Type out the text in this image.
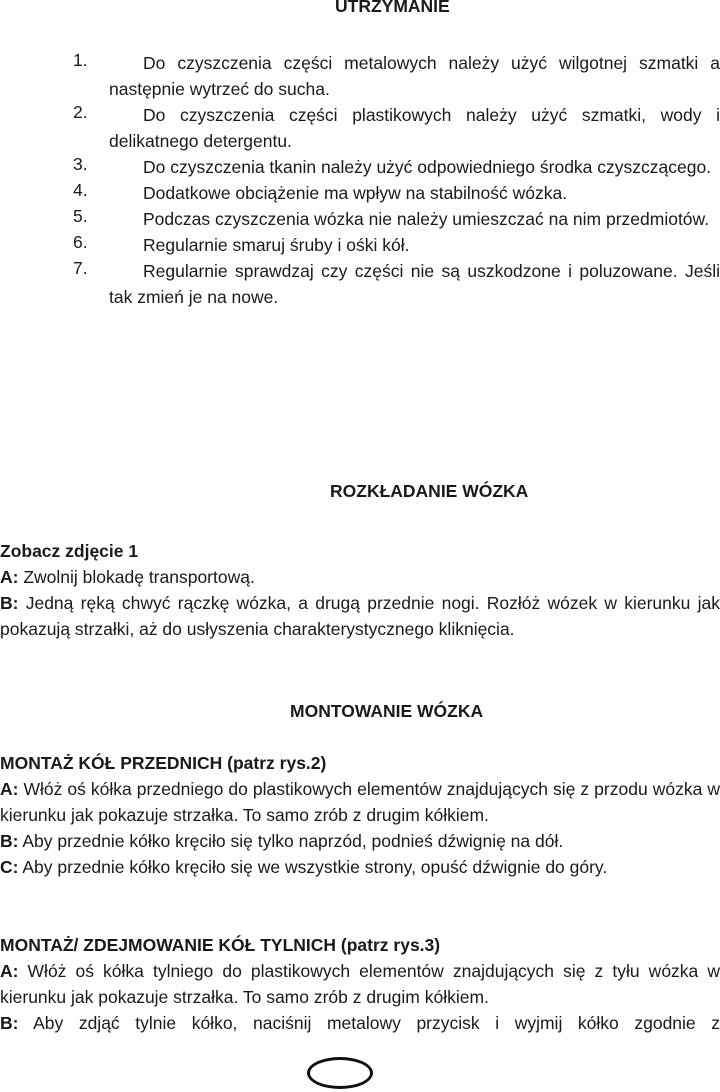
UTRZYMANIE
1.	Do czyszczenia części metalowych należy użyć wilgotnej szmatki a następnie wytrzeć do sucha.
2.	Do czyszczenia części plastikowych należy użyć szmatki, wody i delikatnego detergentu.
3.	Do czyszczenia tkanin należy użyć odpowiedniego środka czyszczącego.
4.	Dodatkowe obciążenie ma wpływ na stabilność wózka.
5.	Podczas czyszczenia wózka nie należy umieszczać na nim przedmiotów.
6.	Regularnie smaruj śruby i ośki kół.
7.	Regularnie sprawdzaj czy części nie są uszkodzone i poluzowane. Jeśli tak zmień je na nowe.
ROZKŁADANIE WÓZKA

Zobacz zdjęcie 1

A: Zwolnij blokadę transportową.

B: Jedną ręką chwyć rączkę wózka, a drugą przednie nogi. Rozłóż wózek w kierunku jak pokazują strzałki, aż do usłyszenia charakterystycznego kliknięcia.

MONTOWANIE WÓZKA

MONTAŻ KÓŁ PRZEDNICH (patrz rys.2)

A: Włóż oś kółka przedniego do plastikowych elementów znajdujących się z przodu wózka w kierunku jak pokazuje strzałka. To samo zrób z drugim kółkiem.

B: Aby przednie kółko kręciło się tylko naprzód, podnieś dźwignię na dół.

C: Aby przednie kółko kręciło się we wszystkie strony, opuść dźwignie do góry.

MONTAŻ/ ZDEJMOWANIE KÓŁ TYLNICH (patrz rys.3)

A: Włóż oś kółka tylniego do plastikowych elementów znajdujących się z tyłu wózka w kierunku jak pokazuje strzałka. To samo zrób z drugim kółkiem.

B: Aby zdjąć tylnie kółko, naciśnij metalowy przycisk i wyjmij kółko zgodnie z
